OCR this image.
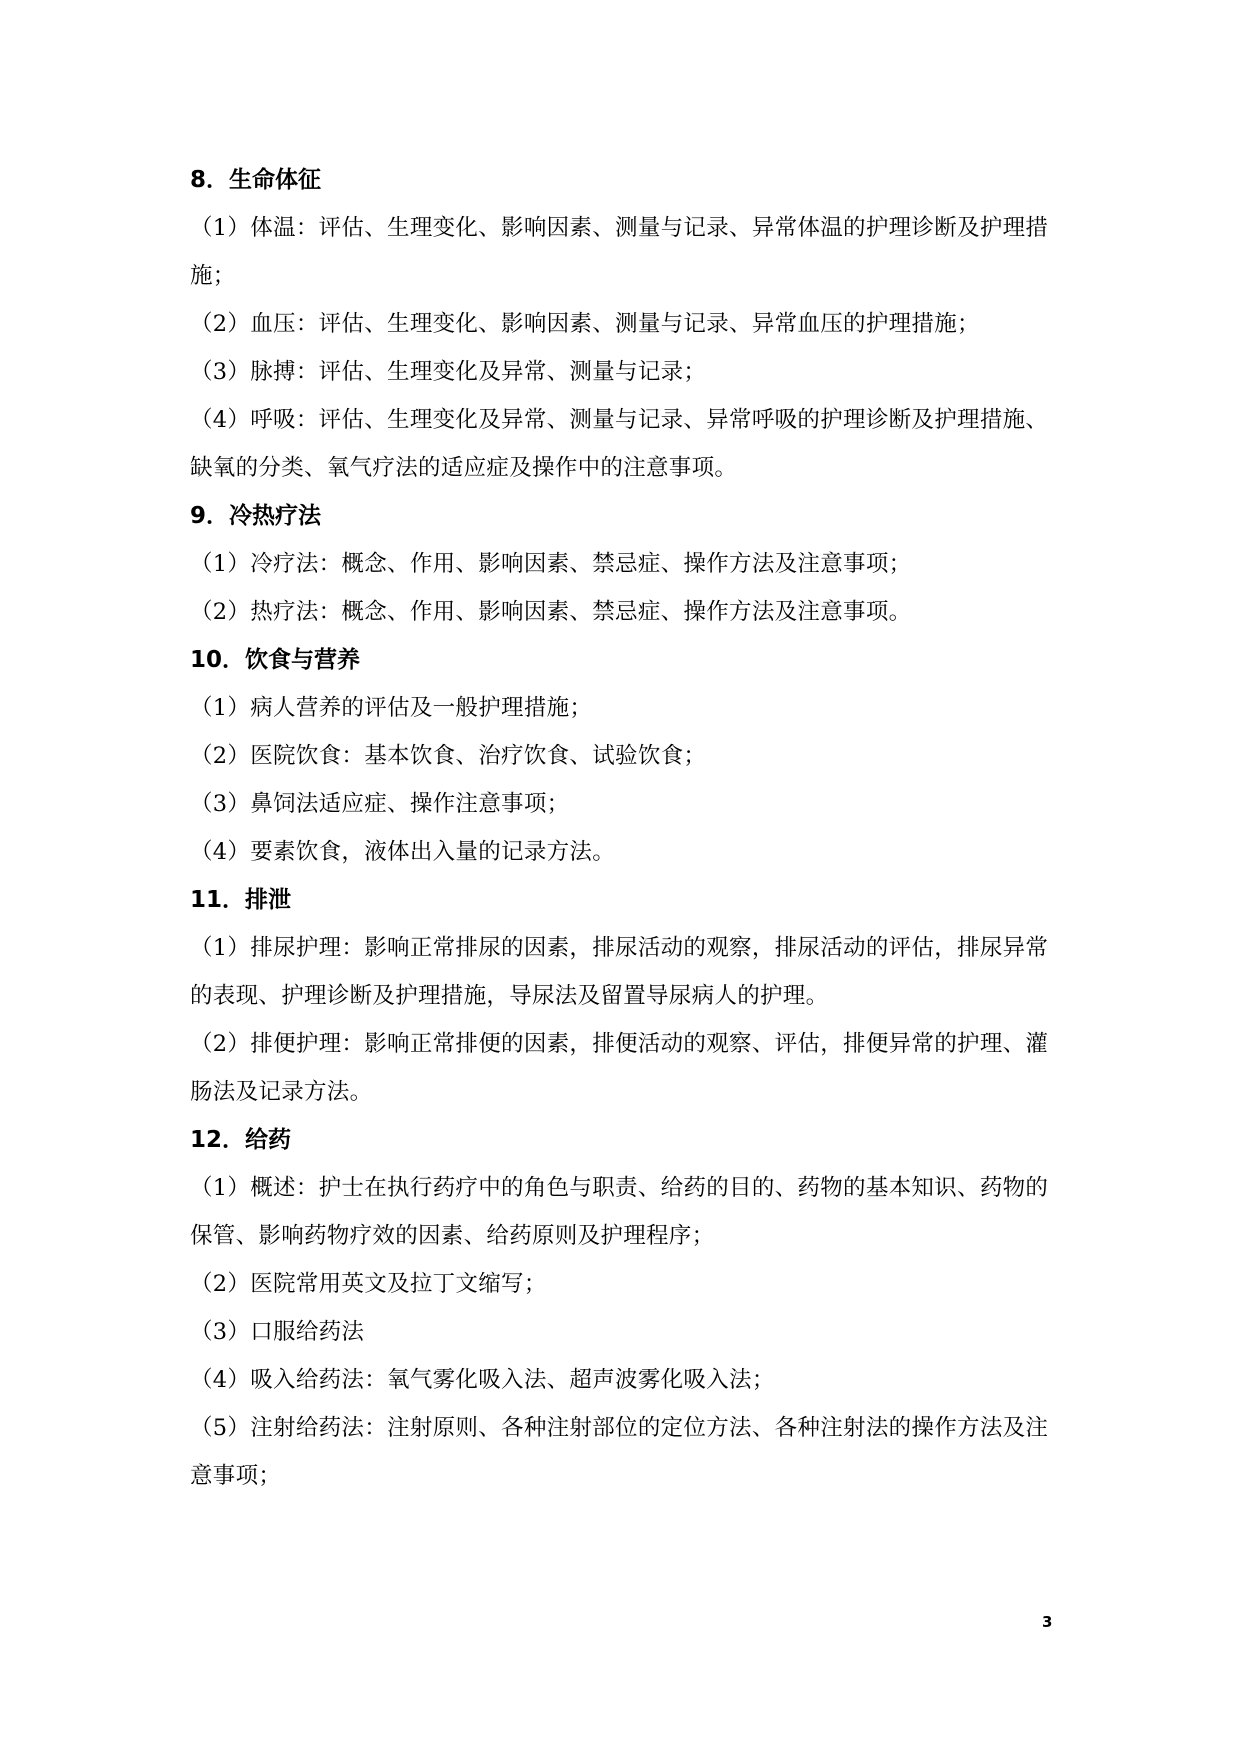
8．生命体征
（1）体温：评估、生理变化、影响因素、测量与记录、异常体温的护理诊断及护理措施；
（2）血压：评估、生理变化、影响因素、测量与记录、异常血压的护理措施；
（3）脉搏：评估、生理变化及异常、测量与记录；
（4）呼吸：评估、生理变化及异常、测量与记录、异常呼吸的护理诊断及护理措施、缺氧的分类、氧气疗法的适应症及操作中的注意事项。
9．冷热疗法
（1）冷疗法：概念、作用、影响因素、禁忌症、操作方法及注意事项；
（2）热疗法：概念、作用、影响因素、禁忌症、操作方法及注意事项。
10．饮食与营养
（1）病人营养的评估及一般护理措施；
（2）医院饮食：基本饮食、治疗饮食、试验饮食；
（3）鼻饲法适应症、操作注意事项；
（4）要素饮食，液体出入量的记录方法。
11．排泄
（1）排尿护理：影响正常排尿的因素，排尿活动的观察，排尿活动的评估，排尿异常的表现、护理诊断及护理措施，导尿法及留置导尿病人的护理。
（2）排便护理：影响正常排便的因素，排便活动的观察、评估，排便异常的护理、灌肠法及记录方法。
12．给药
（1）概述：护士在执行药疗中的角色与职责、给药的目的、药物的基本知识、药物的保管、影响药物疗效的因素、给药原则及护理程序；
（2）医院常用英文及拉丁文缩写；
（3）口服给药法
（4）吸入给药法：氧气雾化吸入法、超声波雾化吸入法；
（5）注射给药法：注射原则、各种注射部位的定位方法、各种注射法的操作方法及注意事项；
3
